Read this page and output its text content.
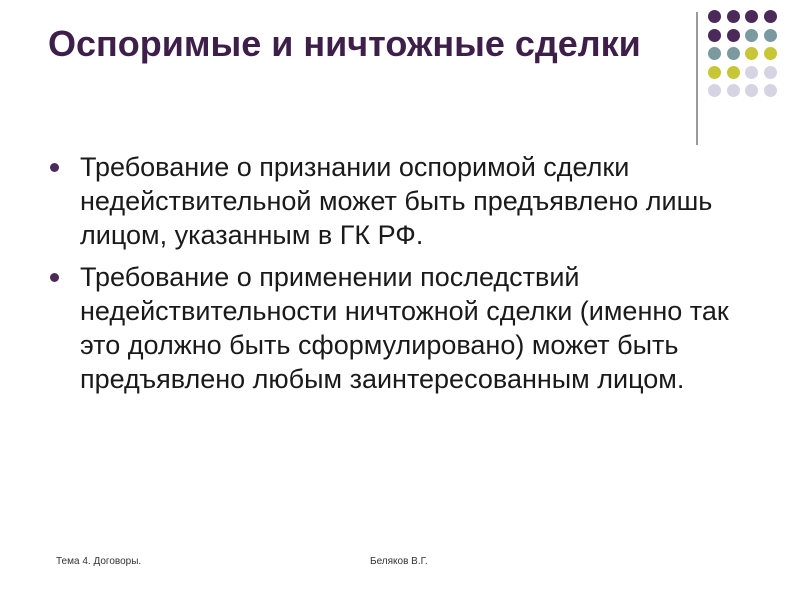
Оспоримые и ничтожные сделки
Требование о признании оспоримой сделки недействительной может быть предъявлено лишь лицом, указанным в ГК РФ.
Требование о применении последствий недействительности ничтожной сделки (именно так это должно быть сформулировано) может быть предъявлено любым заинтересованным лицом.
Тема 4. Договоры.	Беляков В.Г.
